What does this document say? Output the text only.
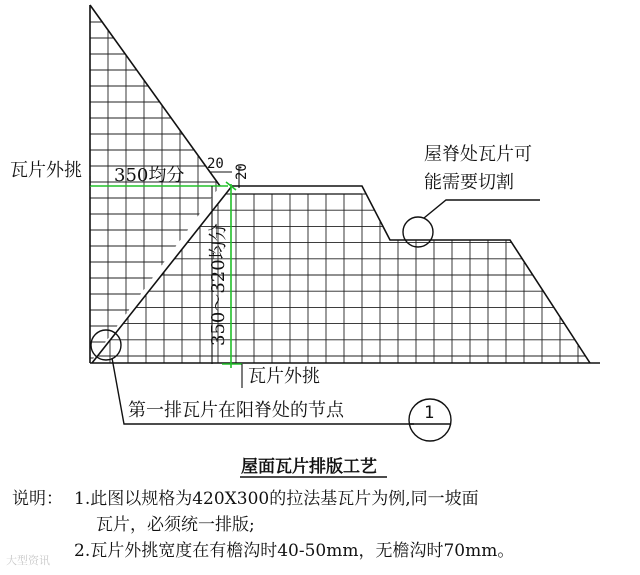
瓦片外挑 350均分
20 20
350～320均分
瓦片外挑
屋脊处瓦片可
能需要切割
第一排瓦片在阳脊处的节点	1
屋面瓦片排版工艺
说明： 1.此图以规格为420X300的拉法基瓦片为例,同一坡面
瓦片，必须统一排版;
2.瓦片外挑宽度在有檐沟时40-50mm，无檐沟时70mm。
大型资讯
